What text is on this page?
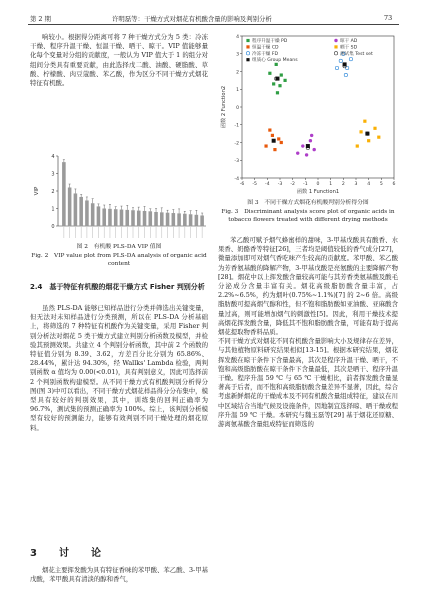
第 2 期	许明磊等：干燥方式对烟花有机酸含量的影响及判别分析	73
响较小。根据得分距离可将 7 种干燥方式分为 5 类：冷冻干燥、程序升温干燥、恒温干燥、晒干、晾干。VIP 值能够量化每个变量对分组的贡献度，一般认为 VIP 值大于 1 的组分对组间分类具有重要贡献，由此选择戊二酸、油酸、硬脂酸、草酸、柠檬酸、肉豆蔻酸、苯乙酸，作为区分不同干燥方式烟花特征有机酸。
0
1
2
3
4
VIP
图 2　有机酸 PLS-DA VIP 值图
Fig. 2　VIP value plot from PLS-DA analysis of organic acid content
2.4　基于特征有机酸的烟花干燥方式 Fisher 判别分析
虽然 PLS-DA 能够已知样品进行分类并筛选出关键变量，但无法对未知样品进行分类预测，所以在 PLS-DA 分析基础上，将筛选的 7 种特征有机酸作为关键变量，采用 Fisher 判别分析法对烟花 5 类干燥方式建立判别分析函数及模型，并检验其预测效果。共建立 4 个判别分析函数，其中前 2 个函数的特征值分别为 8.39、3.62，方差百分比分别为 65.86%、28.44%，累计达 94.30%，经 Wallks' Lambda 检验，两判别函数 α 值均为 0.00(<0.01)，具有判别意义，因此可选择前 2 个判别函数构建模型。从不同干燥方式有机酸判别分析得分图(图 3)中可以看出，不同干燥方式烟花样品得分分布集中，模型具有较好的判别效果，其中，训练集的回判正确率为 96.7%，测试集的预测正确率为 100%。综上，该判别分析模型有较好的预测能力，能够有效判别不同干燥处理的烟花原料。
3　讨　论
烟花主要挥发酸为具有特征香味的苯甲酸、苯乙酸、3-甲基戊酸，苯甲酸具有清淡的醇和香气，
-6 -5 -4 -3 -2 -1 0 1 2 3 4 5 6
-4
-3
-2
-1
0
1
2
3
4
函数 1 Function1
函数 2 Function2
程序升温干燥 PD
恒温干燥 CD
冷冻干燥 FD
组质心 Group Means
晾干 AD
晒干 SD
测试集 Test set
图 3　不同干燥方式烟花有机酸判别分析得分图
Fig. 3　Discriminant analysis score plot of organic acids in tobacco flowers treated with different drying methods
苯乙酸可赋予烟气蜂蜜样的甜味，3-甲基戊酸具有酸香、水果香、奶酪香等特征[26]，三者均是阈值较低的香气成分[27]，微量添加即可对烟气香吃味产生较高的贡献度。苯甲酸、苯乙酸为芳香氨基酸的降解产物，3-甲基戊酸是亮氨酸的主要降解产物[28]。烟花中以上挥发酸含量较高可能与其芳香类氨基酸及酸毛分泌成分含量丰富有关。烟花高级脂肪酸含量丰富，占 2.2%~6.5%，约为烟叶(0.75%~1.1%)[7] 的 2~6 倍。高级脂肪酸可提高烟气醇和性，但不饱和脂肪酸如亚油酸、亚麻酸含量过高，则可能增加烟气的刺激性[5]。因此，利用干燥技术提高烟花挥发酸含量，降低其不饱和脂肪酸含量，可能有助于提高烟花提取物香料品质。
不同干燥方式对烟花不同有机酸含量影响大小及规律存在差异，与其他植物原料研究结果相似[13-15]。根据本研究结果，烟花挥发酸在晾干条件下含量最高，其次是程序升温干燥、晒干，不饱和高级脂肪酸在晾干条件下含量最低，其次是晒干、程序升温干燥。程序升温 59 ℃ 与 65 ℃ 干燥相比，前者挥发酸含量显著高于后者，而不饱和高级脂肪酸含量差异不显著，因此，综合考虑新鲜烟花的干燥成本及不同有机酸含量组成特征，建议在川中区域结合当地气候及设施条件，因地制宜选择晾、晒干燥或程序升温 59 ℃ 干燥。本研究与魏玉磊等[29] 基于烟花还原糖、游离氨基酸含量组成特征而筛选的
